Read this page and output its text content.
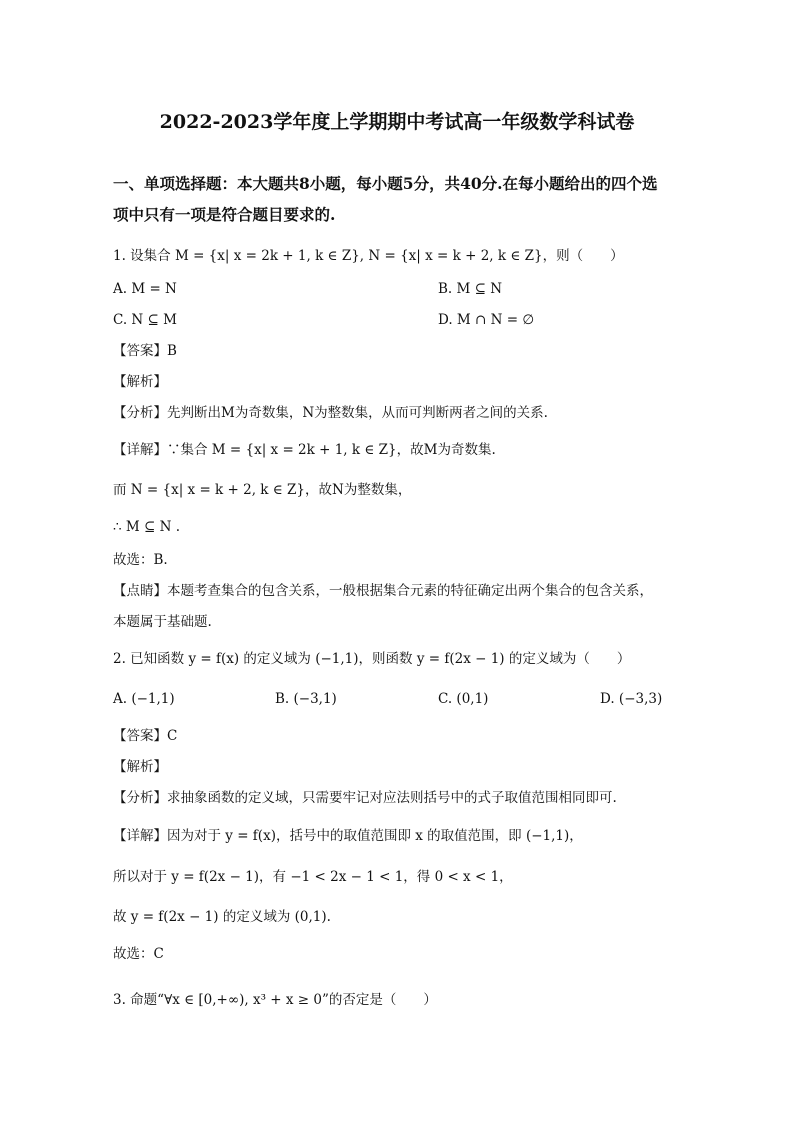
2022-2023学年度上学期期中考试高一年级数学科试卷
一、单项选择题：本大题共8小题，每小题5分，共40分.在每小题给出的四个选
项中只有一项是符合题目要求的.
1. 设集合 M = {x| x = 2k + 1, k ∈ Z}, N = {x| x = k + 2, k ∈ Z}，则（　　）
A. M = N	B. M ⊆ N
C. N ⊆ M	D. M ∩ N = ∅
【答案】B
【解析】
【分析】先判断出M为奇数集，N为整数集，从而可判断两者之间的关系.
【详解】∵集合 M = {x| x = 2k + 1, k ∈ Z}，故M为奇数集.
而 N = {x| x = k + 2, k ∈ Z}，故N为整数集，
∴ M ⊆ N .
故选：B.
【点睛】本题考查集合的包含关系，一般根据集合元素的特征确定出两个集合的包含关系，
本题属于基础题.
2. 已知函数 y = f(x) 的定义域为 (−1,1)，则函数 y = f(2x − 1) 的定义域为（　　）
A. (−1,1)	B. (−3,1)	C. (0,1)	D. (−3,3)
【答案】C
【解析】
【分析】求抽象函数的定义域，只需要牢记对应法则括号中的式子取值范围相同即可.
【详解】因为对于 y = f(x)，括号中的取值范围即 x 的取值范围，即 (−1,1)，
所以对于 y = f(2x − 1)，有 −1 < 2x − 1 < 1，得 0 < x < 1，
故 y = f(2x − 1) 的定义域为 (0,1).
故选：C
3. 命题“∀x ∈ [0,+∞), x³ + x ≥ 0”的否定是（　　）
